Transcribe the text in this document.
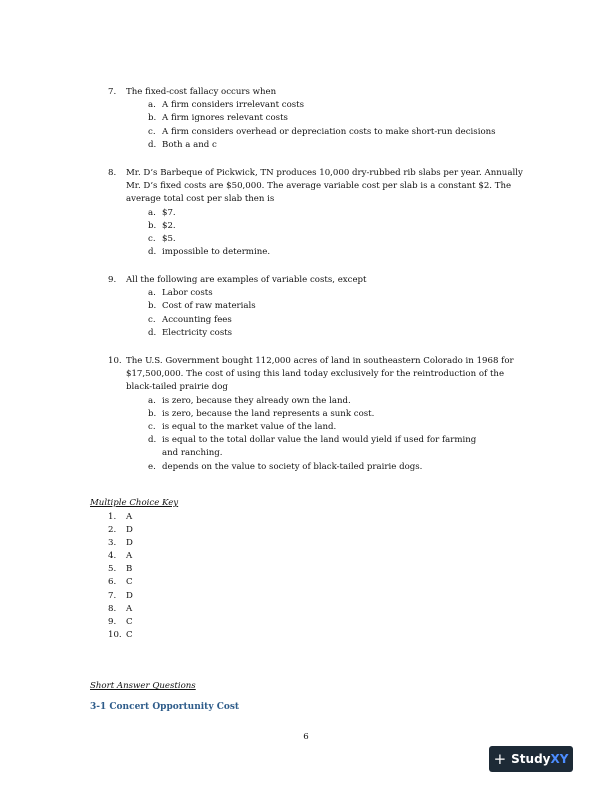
7. The fixed-cost fallacy occurs when
a. A firm considers irrelevant costs
b. A firm ignores relevant costs
c. A firm considers overhead or depreciation costs to make short-run decisions
d. Both a and c
8. Mr. D’s Barbeque of Pickwick, TN produces 10,000 dry-rubbed rib slabs per year. Annually Mr. D’s fixed costs are $50,000. The average variable cost per slab is a constant $2. The average total cost per slab then is
a. $7.
b. $2.
c. $5.
d. impossible to determine.
9. All the following are examples of variable costs, except
a. Labor costs
b. Cost of raw materials
c. Accounting fees
d. Electricity costs
10. The U.S. Government bought 112,000 acres of land in southeastern Colorado in 1968 for $17,500,000. The cost of using this land today exclusively for the reintroduction of the black-tailed prairie dog
a. is zero, because they already own the land.
b. is zero, because the land represents a sunk cost.
c. is equal to the market value of the land.
d. is equal to the total dollar value the land would yield if used for farming and ranching.
e. depends on the value to society of black-tailed prairie dogs.
Multiple Choice Key
1. A
2. D
3. D
4. A
5. B
6. C
7. D
8. A
9. C
10. C
Short Answer Questions
3-1 Concert Opportunity Cost
6
+ Study XY
